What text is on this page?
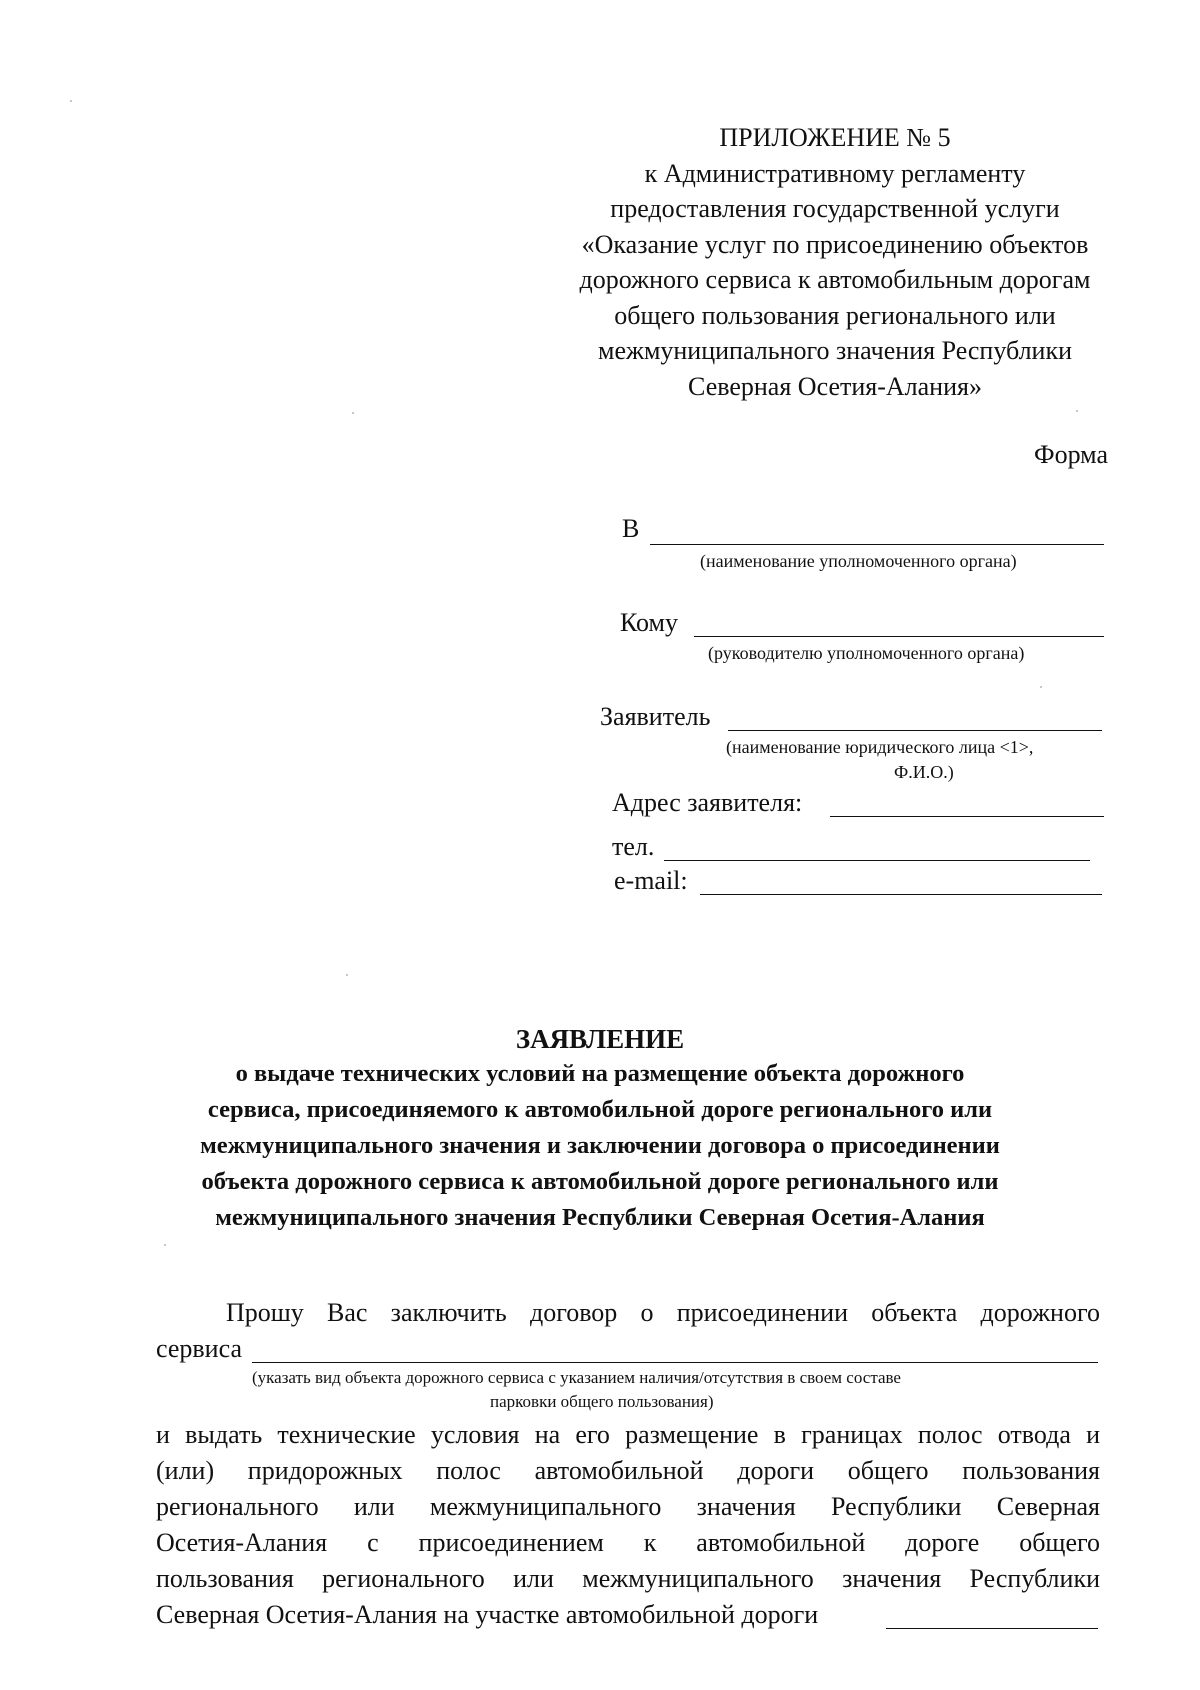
ПРИЛОЖЕНИЕ № 5
к Административному регламенту
предоставления государственной услуги
«Оказание услуг по присоединению объектов
дорожного сервиса к автомобильным дорогам
общего пользования регионального или
межмуниципального значения Республики
Северная Осетия-Алания»
Форма
В
(наименование уполномоченного органа)
Кому
(руководителю уполномоченного органа)
Заявитель
(наименование юридического лица <1>,
Ф.И.О.)
Адрес заявителя:
тел.
e-mail:
ЗАЯВЛЕНИЕ
о выдаче технических условий на размещение объекта дорожного
сервиса, присоединяемого к автомобильной дороге регионального или
межмуниципального значения и заключении договора о присоединении
объекта дорожного сервиса к автомобильной дороге регионального или
межмуниципального значения Республики Северная Осетия-Алания
Прошу Вас заключить договор о присоединении объекта дорожного
сервиса
(указать вид объекта дорожного сервиса с указанием наличия/отсутствия в своем составе
парковки общего пользования)
и выдать технические условия на его размещение в границах полос отвода и
(или) придорожных полос автомобильной дороги общего пользования
регионального или межмуниципального значения Республики Северная
Осетия-Алания с присоединением к автомобильной дороге общего
пользования регионального или межмуниципального значения Республики
Северная Осетия-Алания на участке автомобильной дороги
